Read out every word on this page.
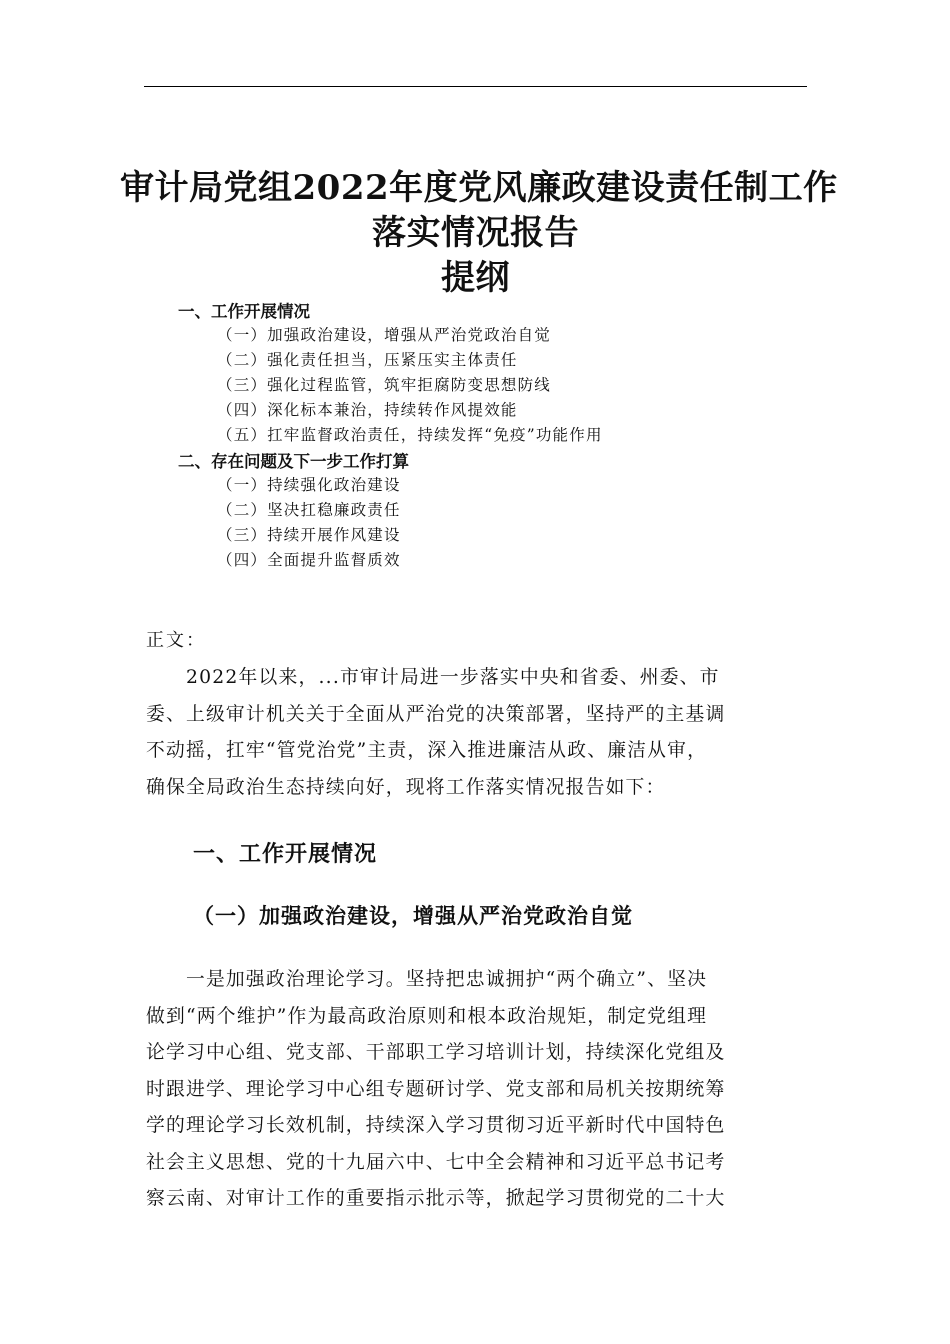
审计局党组2022年度党风廉政建设责任制工作
落实情况报告
提纲
一、工作开展情况
（一）加强政治建设，增强从严治党政治自觉
（二）强化责任担当，压紧压实主体责任
（三）强化过程监管，筑牢拒腐防变思想防线
（四）深化标本兼治，持续转作风提效能
（五）扛牢监督政治责任，持续发挥“免疫”功能作用
二、存在问题及下一步工作打算
（一）持续强化政治建设
（二）坚决扛稳廉政责任
（三）持续开展作风建设
（四）全面提升监督质效
正文：
　　2022年以来，...市审计局进一步落实中央和省委、州委、市
委、上级审计机关关于全面从严治党的决策部署，坚持严的主基调
不动摇，扛牢“管党治党”主责，深入推进廉洁从政、廉洁从审，
确保全局政治生态持续向好，现将工作落实情况报告如下：
一、工作开展情况
（一）加强政治建设，增强从严治党政治自觉
　　一是加强政治理论学习。坚持把忠诚拥护“两个确立”、坚决
做到“两个维护”作为最高政治原则和根本政治规矩，制定党组理
论学习中心组、党支部、干部职工学习培训计划，持续深化党组及
时跟进学、理论学习中心组专题研讨学、党支部和局机关按期统筹
学的理论学习长效机制，持续深入学习贯彻习近平新时代中国特色
社会主义思想、党的十九届六中、七中全会精神和习近平总书记考
察云南、对审计工作的重要指示批示等，掀起学习贯彻党的二十大
